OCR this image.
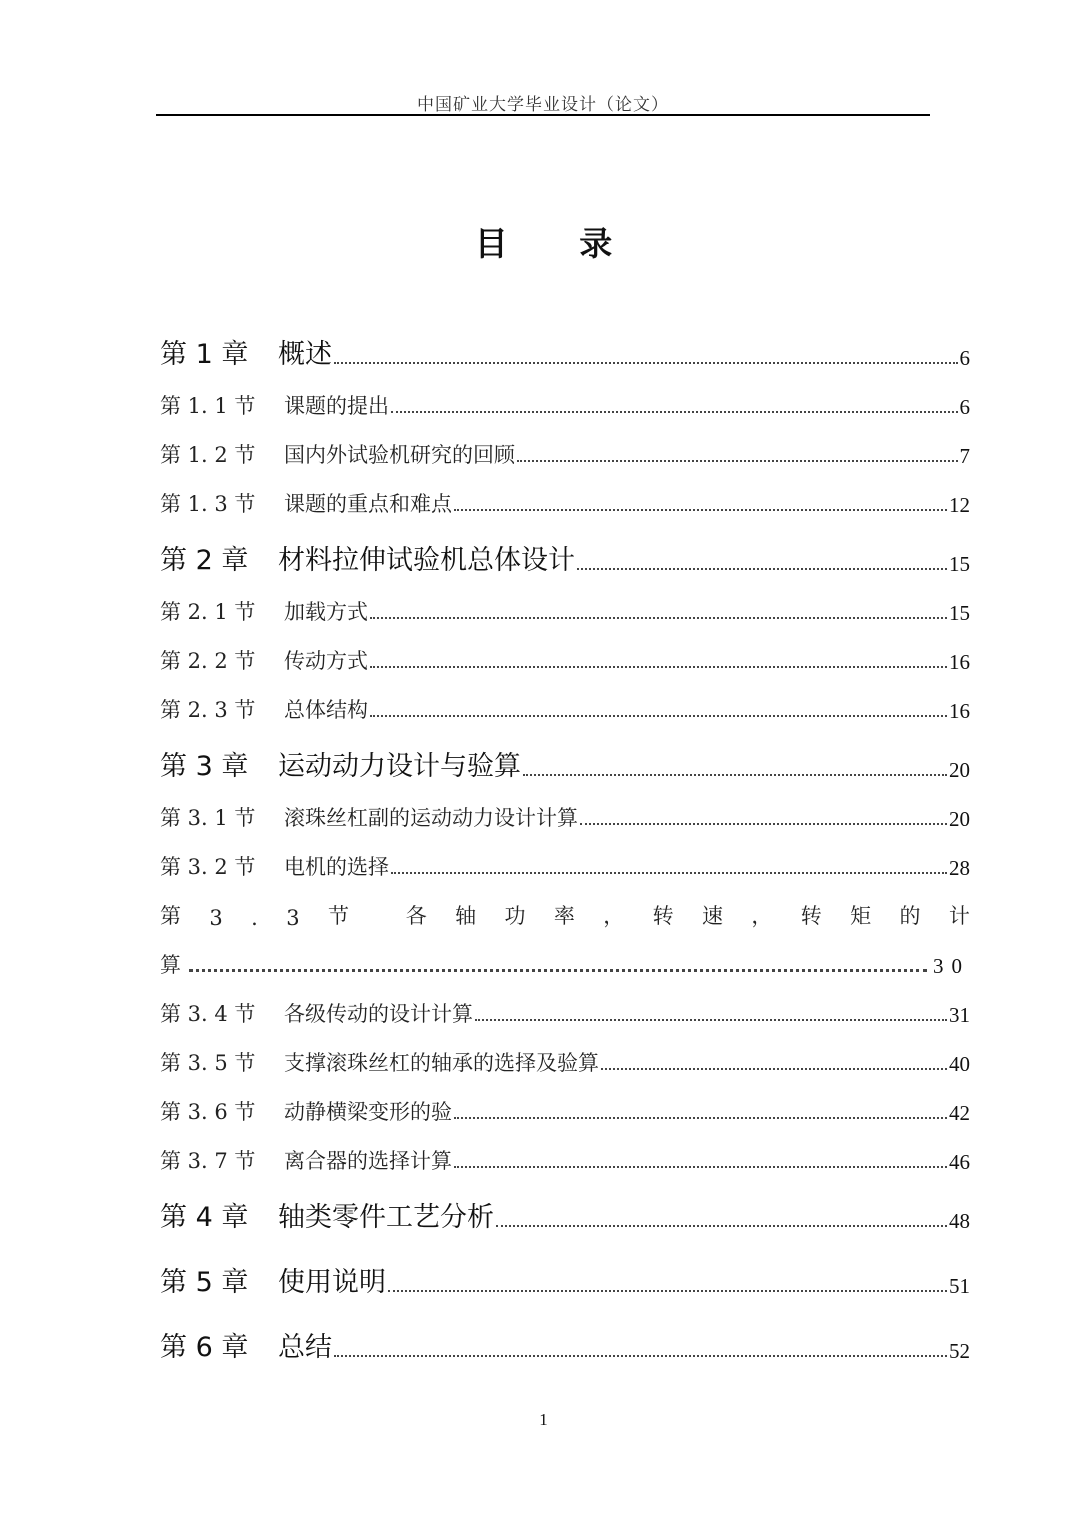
中国矿业大学毕业设计（论文）
目 录
第 1 章	概述	6
第 1. 1 节	课题的提出	6
第 1. 2 节	国内外试验机研究的回顾	7
第 1. 3 节	课题的重点和难点	12
第 2 章	材料拉伸试验机总体设计	15
第 2. 1 节	加载方式	15
第 2. 2 节	传动方式	16
第 2. 3 节	总体结构	16
第 3 章	运动动力设计与验算	20
第 3. 1 节	滚珠丝杠副的运动动力设计计算	20
第 3. 2 节	电机的选择	28
第 3 . 3 节	各 轴 功 率 ， 转 速 ， 转 矩 的 计
算	30
第 3. 4 节	各级传动的设计计算	31
第 3. 5 节	支撑滚珠丝杠的轴承的选择及验算	40
第 3. 6 节	动静横梁变形的验	42
第 3. 7 节	离合器的选择计算	46
第 4 章	轴类零件工艺分析	48
第 5 章	使用说明	51
第 6 章	总结	52
1
